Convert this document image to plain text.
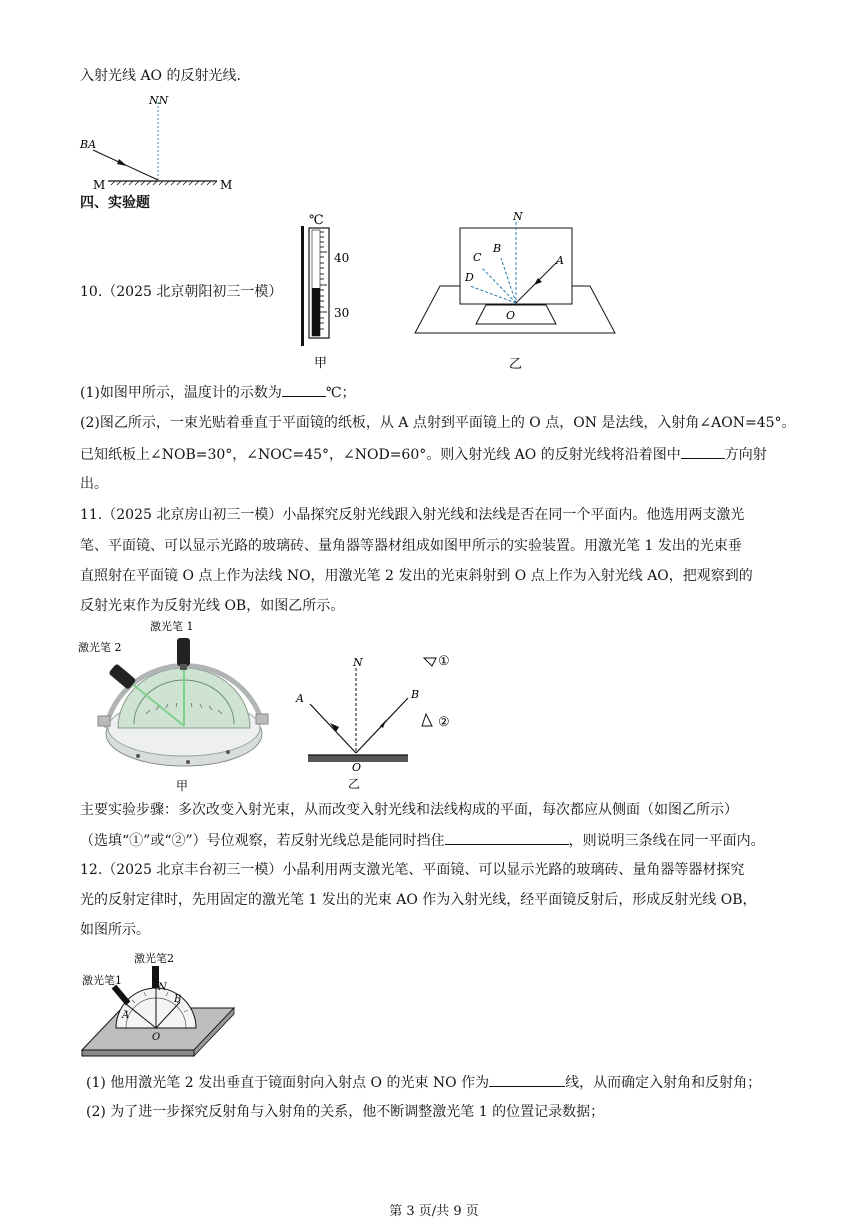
入射光线 AO 的反射光线.
NN
BA
M	M
四、实验题
10.（2025 北京朝阳初三一模）
℃
40
30
甲
N
B
C
D
A
O
乙
(1)如图甲所示，温度计的示数为	℃；
(2)图乙所示，一束光贴着垂直于平面镜的纸板，从 A 点射到平面镜上的 O 点，ON 是法线，入射角∠AON=45°。
已知纸板上∠NOB=30°，∠NOC=45°，∠NOD=60°。则入射光线 AO 的反射光线将沿着图中	方向射
出。
11.（2025 北京房山初三一模）小晶探究反射光线跟入射光线和法线是否在同一个平面内。他选用两支激光
笔、平面镜、可以显示光路的玻璃砖、量角器等器材组成如图甲所示的实验装置。用激光笔 1 发出的光束垂
直照射在平面镜 O 点上作为法线 NO，用激光笔 2 发出的光束斜射到 O 点上作为入射光线 AO，把观察到的
反射光束作为反射光线 OB，如图乙所示。
激光笔 1
激光笔 2
甲
N
A	B
O
乙
①
②
主要实验步骤：多次改变入射光束，从而改变入射光线和法线构成的平面，每次都应从侧面（如图乙所示）
（选填“①”或“②”）号位观察，若反射光线总是能同时挡住	，则说明三条线在同一平面内。
12.（2025 北京丰台初三一模）小晶利用两支激光笔、平面镜、可以显示光路的玻璃砖、量角器等器材探究
光的反射定律时，先用固定的激光笔 1 发出的光束 AO 作为入射光线，经平面镜反射后，形成反射光线 OB，
如图所示。
激光笔2
激光笔1
N
A
B
O
(1) 他用激光笔 2 发出垂直于镜面射向入射点 O 的光束 NO 作为	线，从而确定入射角和反射角；
(2) 为了进一步探究反射角与入射角的关系，他不断调整激光笔 1 的位置记录数据；
第 3 页/共 9 页
